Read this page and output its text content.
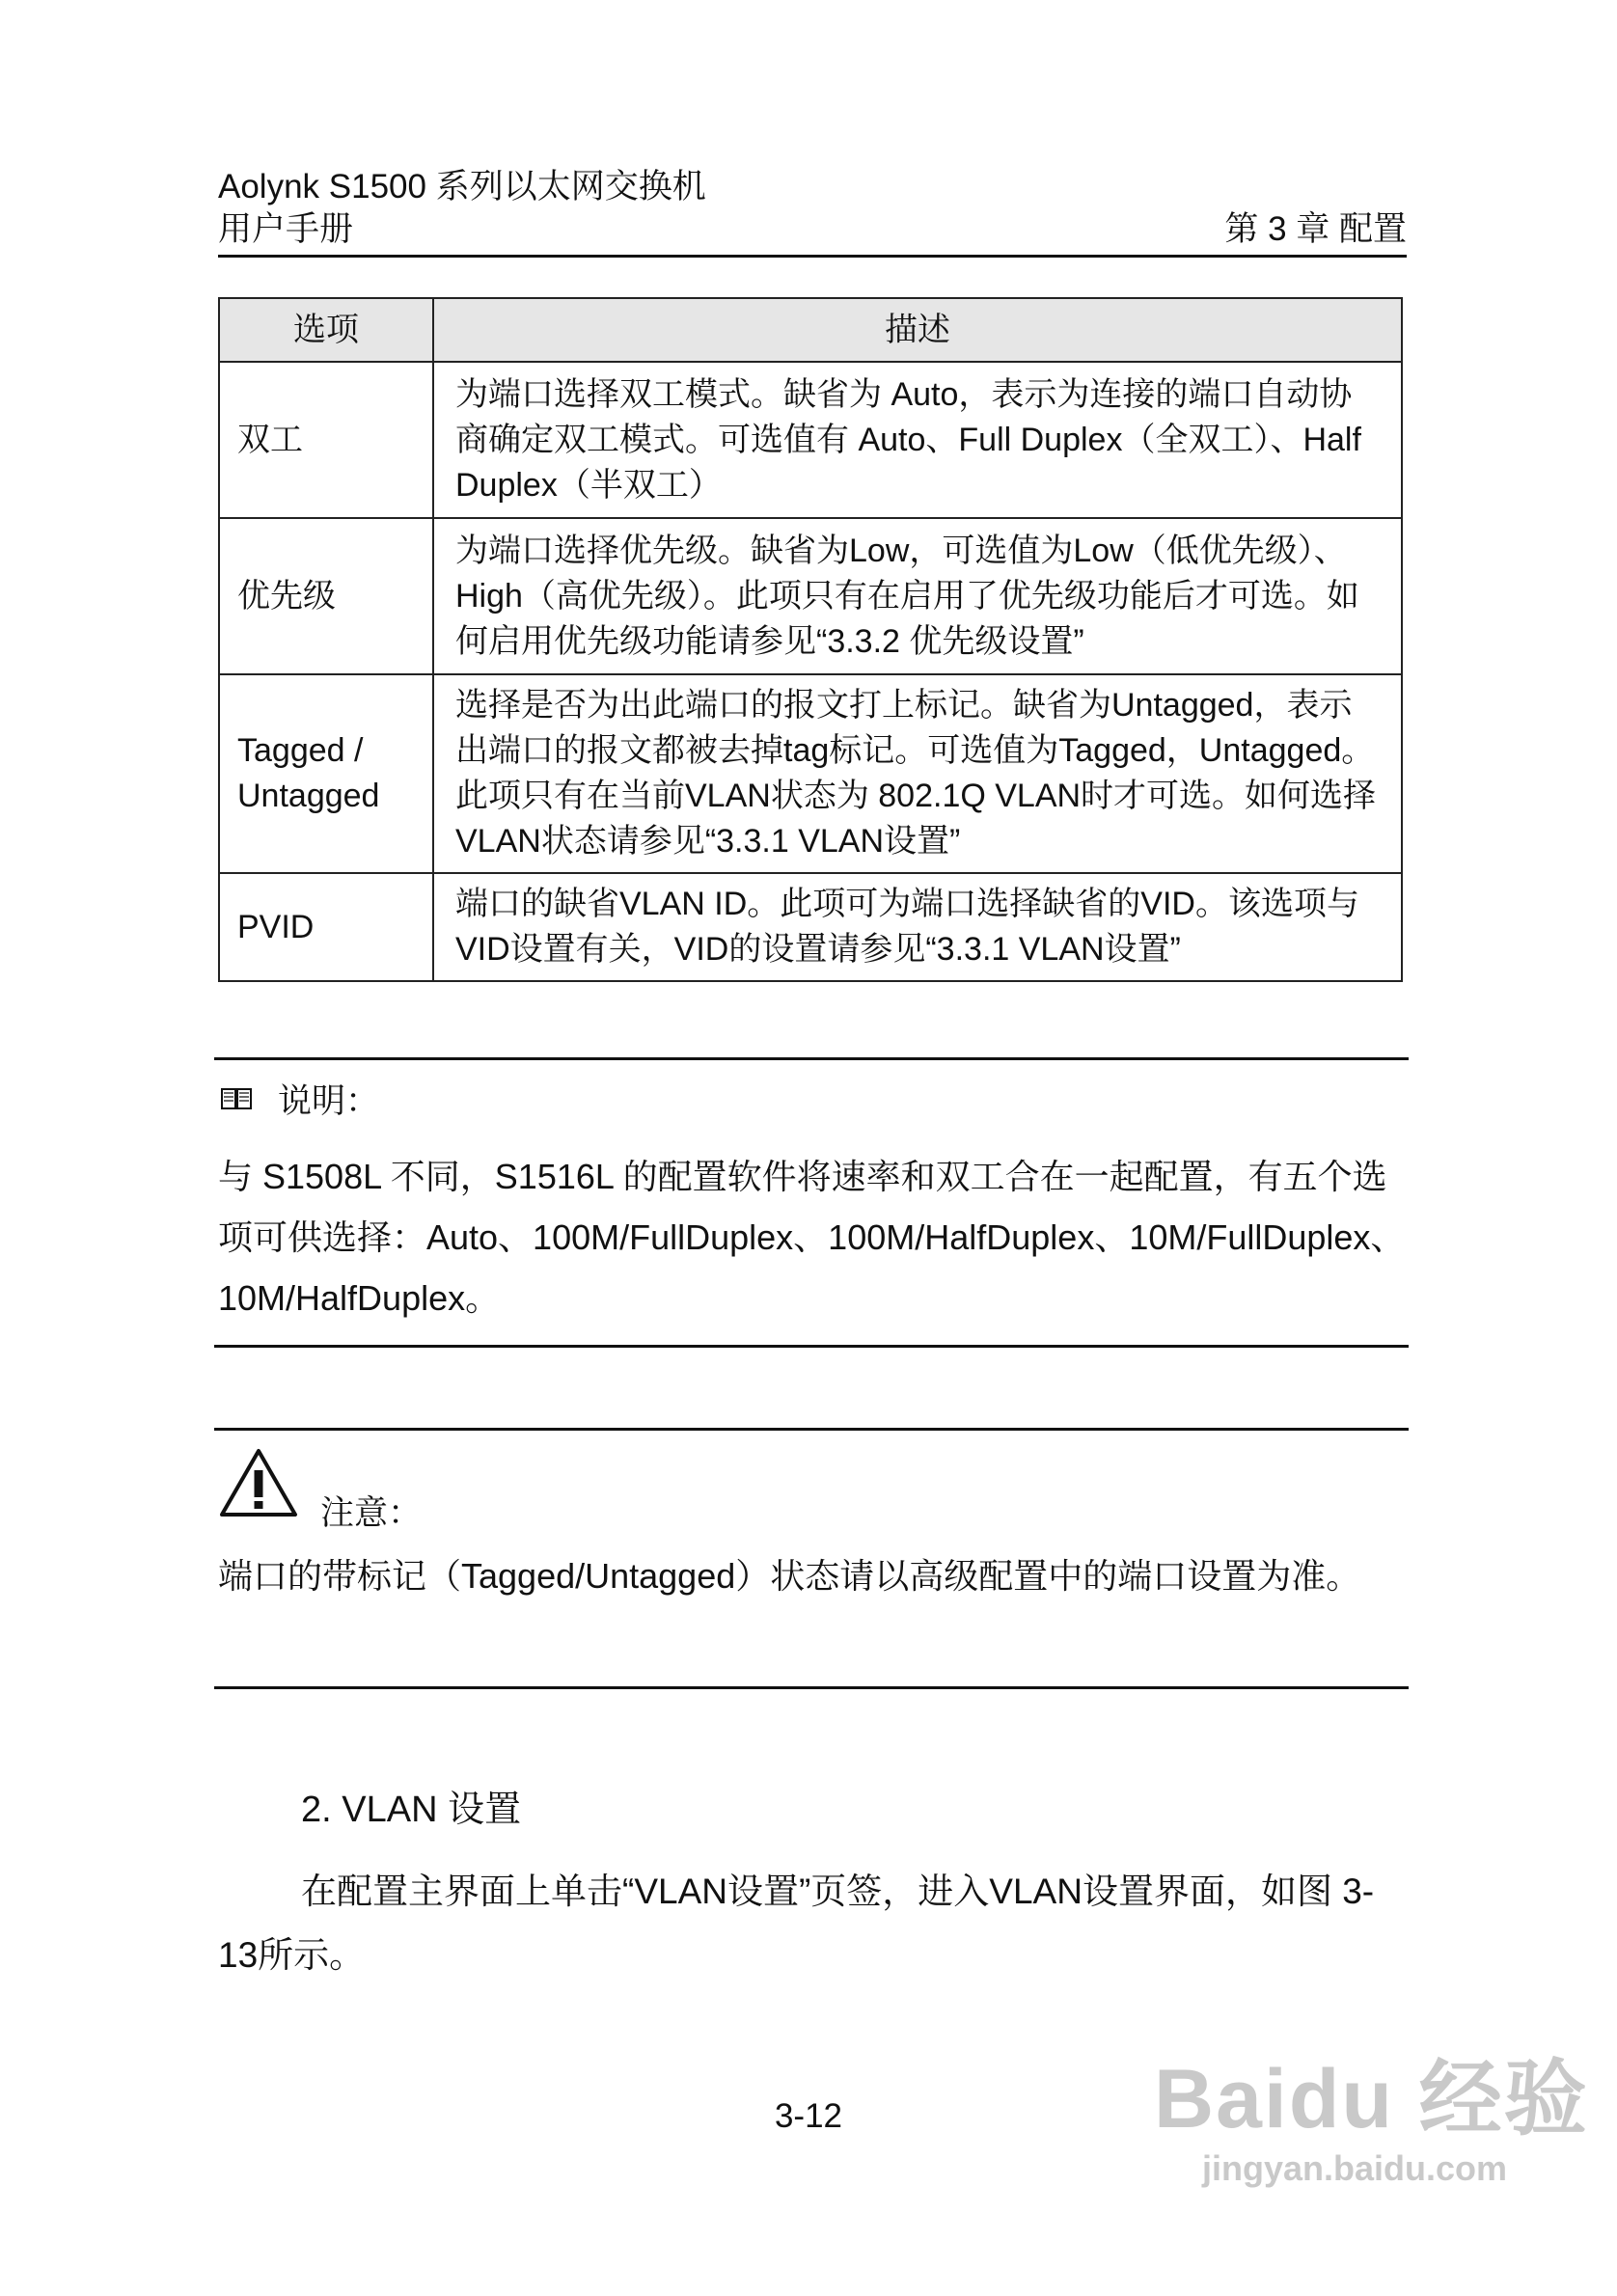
Aolynk S1500 系列以太网交换机
用户手册	第 3 章 配置
选项	描述
双工	为端口选择双工模式。缺省为 Auto，表示为连接的端口自动协商确定双工模式。可选值有 Auto、Full Duplex（全双工）、Half Duplex（半双工）
优先级	为端口选择优先级。缺省为Low，可选值为Low（低优先级）、High（高优先级）。此项只有在启用了优先级功能后才可选。如何启用优先级功能请参见“3.3.2 优先级设置”
Tagged / Untagged	选择是否为出此端口的报文打上标记。缺省为Untagged，表示出端口的报文都被去掉tag标记。可选值为Tagged，Untagged。此项只有在当前VLAN状态为 802.1Q VLAN时才可选。如何选择VLAN状态请参见“3.3.1 VLAN设置”
PVID	端口的缺省VLAN ID。此项可为端口选择缺省的VID。该选项与VID设置有关，VID的设置请参见“3.3.1 VLAN设置”
说明：
与 S1508L 不同，S1516L 的配置软件将速率和双工合在一起配置，有五个选项可供选择：Auto、100M/FullDuplex、100M/HalfDuplex、10M/FullDuplex、10M/HalfDuplex。
注意：
端口的带标记（Tagged/Untagged）状态请以高级配置中的端口设置为准。
2. VLAN 设置
在配置主界面上单击“VLAN设置”页签，进入VLAN设置界面，如图 3-13所示。
3-12	Baidu 经验
jingyan.baidu.com
